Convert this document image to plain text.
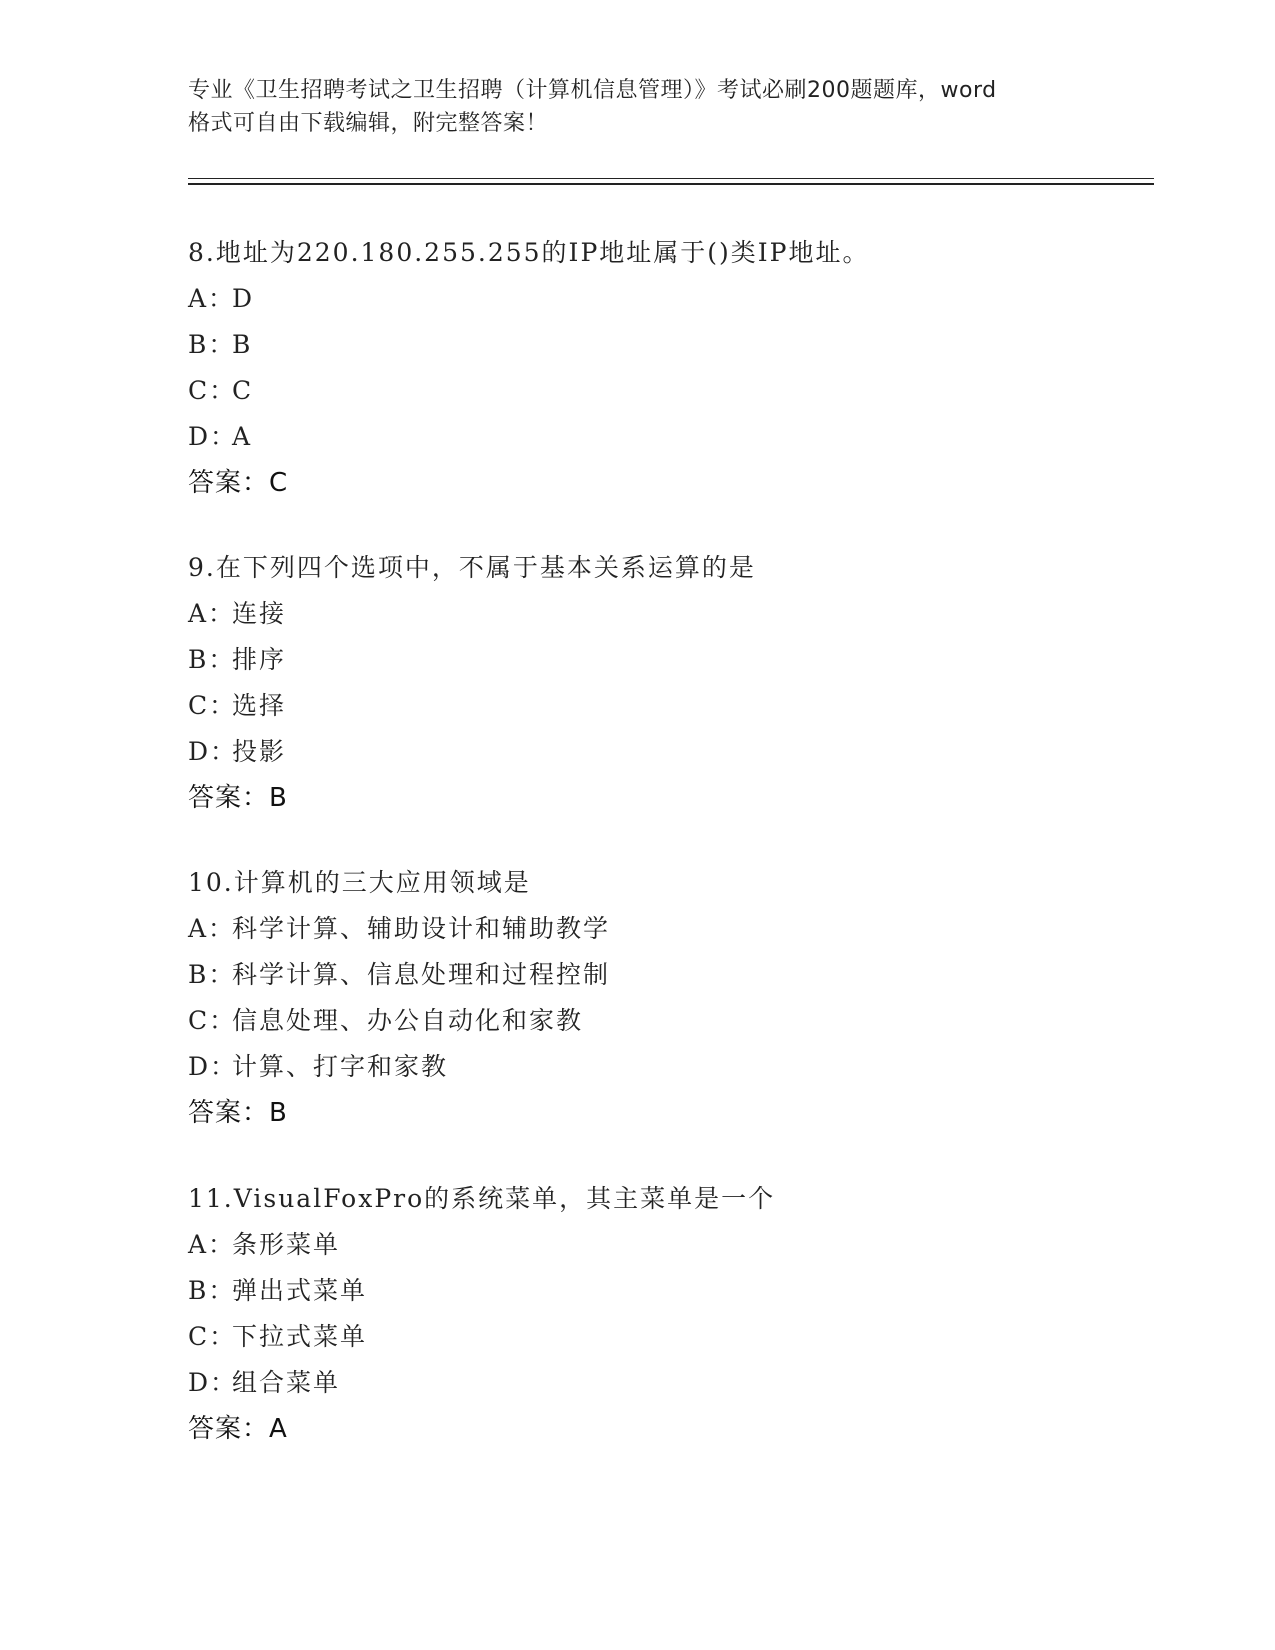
专业《卫生招聘考试之卫生招聘（计算机信息管理）》考试必刷200题题库，word
格式可自由下载编辑，附完整答案！
8.地址为220.180.255.255的IP地址属于()类IP地址。
A：D
B：B
C：C
D：A
答案：C
9.在下列四个选项中，不属于基本关系运算的是
A：连接
B：排序
C：选择
D：投影
答案：B
10.计算机的三大应用领域是
A：科学计算、辅助设计和辅助教学
B：科学计算、信息处理和过程控制
C：信息处理、办公自动化和家教
D：计算、打字和家教
答案：B
11.VisualFoxPro的系统菜单，其主菜单是一个
A：条形菜单
B：弹出式菜单
C：下拉式菜单
D：组合菜单
答案：A
